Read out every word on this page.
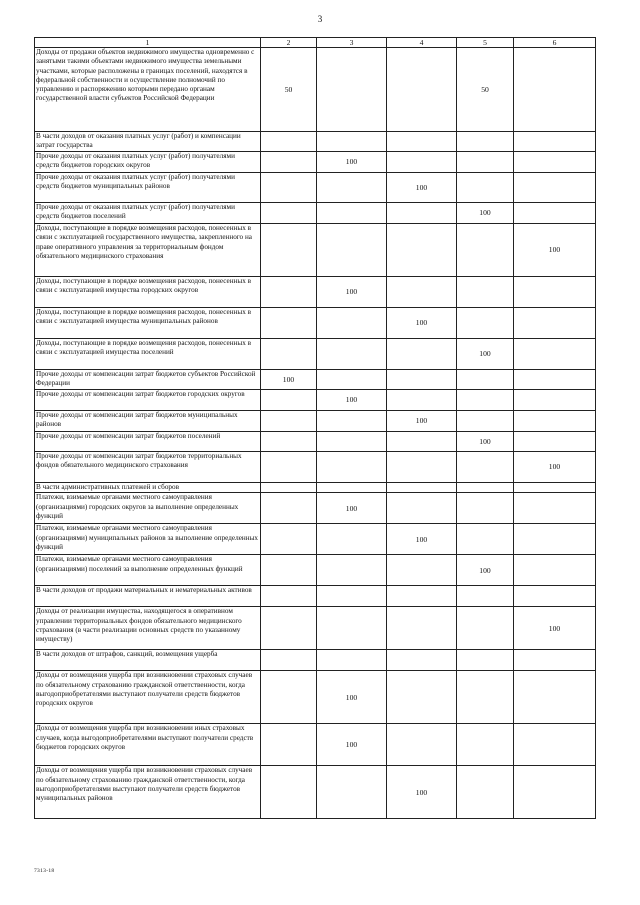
3
1	2	3	4	5	6
Доходы от продажи объектов недвижимого имущества одновременно с занятыми такими объектами недвижимого имущества земельными участками, которые расположены в границах поселений, находятся в федеральной собственности и осуществление полномочий по управлению и распоряжению которыми передано органам государственной власти субъектов Российской Федерации	50			50	
В части доходов от оказания платных услуг (работ) и компенсации затрат государства					
Прочие доходы от оказания платных услуг (работ) получателями средств бюджетов городских округов		100			
Прочие доходы от оказания платных услуг (работ) получателями средств бюджетов муниципальных районов			100		
Прочие доходы от оказания платных услуг (работ) получателями средств бюджетов поселений				100	
Доходы, поступающие в порядке возмещения расходов, понесенных в связи с эксплуатацией государственного имущества, закрепленного на праве оперативного управления за территориальным фондом обязательного медицинского страхования					100
Доходы, поступающие в порядке возмещения расходов, понесенных в связи с эксплуатацией имущества городских округов		100			
Доходы, поступающие в порядке возмещения расходов, понесенных в связи с эксплуатацией имущества муниципальных районов			100		
Доходы, поступающие в порядке возмещения расходов, понесенных в связи с эксплуатацией имущества поселений				100	
Прочие доходы от компенсации затрат бюджетов субъектов Российской Федерации	100				
Прочие доходы от компенсации затрат бюджетов городских округов		100			
Прочие доходы от компенсации затрат бюджетов муниципальных районов			100		
Прочие доходы от компенсации затрат бюджетов поселений				100	
Прочие доходы от компенсации затрат бюджетов территориальных фондов обязательного медицинского страхования					100
В части административных платежей и сборов					
Платежи, взимаемые органами местного самоуправления (организациями) городских округов за выполнение определенных функций		100			
Платежи, взимаемые органами местного самоуправления (организациями) муниципальных районов за выполнение определенных функций			100		
Платежи, взимаемые органами местного самоуправления (организациями) поселений за выполнение определенных функций				100	
В части доходов от продажи материальных и нематериальных активов					
Доходы от реализации имущества, находящегося в оперативном управлении территориальных фондов обязательного медицинского страхования (в части реализации основных средств по указанному имуществу)					100
В части доходов от штрафов, санкций, возмещения ущерба					
Доходы от возмещения ущерба при возникновении страховых случаев по обязательному страхованию гражданской ответственности, когда выгодоприобретателями выступают получатели средств бюджетов городских округов		100			
Доходы от возмещения ущерба при возникновении иных страховых случаев, когда выгодоприобретателями выступают получатели средств бюджетов городских округов		100			
Доходы от возмещения ущерба при возникновении страховых случаев по обязательному страхованию гражданской ответственности, когда выгодоприобретателями выступают получатели средств бюджетов муниципальных районов			100		
7313-18
